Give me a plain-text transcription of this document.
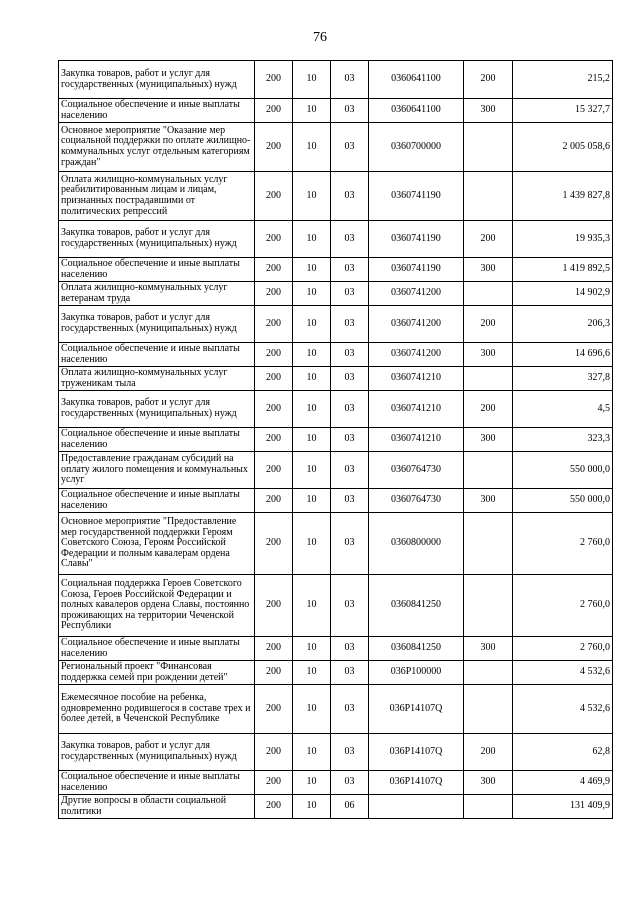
76
Закупка товаров, работ и услуг для государственных (муниципальных) нужд	200	10	03	0360641100	200	215,2
Социальное обеспечение и иные выплаты населению	200	10	03	0360641100	300	15 327,7
Основное мероприятие "Оказание мер социальной поддержки по оплате жилищно-коммунальных услуг отдельным категориям граждан"	200	10	03	0360700000		2 005 058,6
Оплата жилищно-коммунальных услуг реабилитированным лицам и лицам, признанных пострадавшими от политических репрессий	200	10	03	0360741190		1 439 827,8
Закупка товаров, работ и услуг для государственных (муниципальных) нужд	200	10	03	0360741190	200	19 935,3
Социальное обеспечение и иные выплаты населению	200	10	03	0360741190	300	1 419 892,5
Оплата жилищно-коммунальных услуг ветеранам труда	200	10	03	0360741200		14 902,9
Закупка товаров, работ и услуг для государственных (муниципальных) нужд	200	10	03	0360741200	200	206,3
Социальное обеспечение и иные выплаты населению	200	10	03	0360741200	300	14 696,6
Оплата жилищно-коммунальных услуг труженикам тыла	200	10	03	0360741210		327,8
Закупка товаров, работ и услуг для государственных (муниципальных) нужд	200	10	03	0360741210	200	4,5
Социальное обеспечение и иные выплаты населению	200	10	03	0360741210	300	323,3
Предоставление гражданам субсидий на оплату жилого помещения и коммунальных услуг	200	10	03	0360764730		550 000,0
Социальное обеспечение и иные выплаты населению	200	10	03	0360764730	300	550 000,0
Основное мероприятие "Предоставление мер государственной поддержки Героям Советского Союза, Героям Российской Федерации и полным кавалерам ордена Славы"	200	10	03	0360800000		2 760,0
Социальная поддержка Героев Советского Союза, Героев Российской Федерации и полных кавалеров ордена Славы, постоянно проживающих на территории Чеченской Республики	200	10	03	0360841250		2 760,0
Социальное обеспечение и иные выплаты населению	200	10	03	0360841250	300	2 760,0
Региональный проект "Финансовая поддержка семей при рождении детей"	200	10	03	036P100000		4 532,6
Ежемесячное пособие на ребенка, одновременно родившегося в составе трех и более детей, в Чеченской Республике	200	10	03	036P14107Q		4 532,6
Закупка товаров, работ и услуг для государственных (муниципальных) нужд	200	10	03	036P14107Q	200	62,8
Социальное обеспечение и иные выплаты населению	200	10	03	036P14107Q	300	4 469,9
Другие вопросы в области социальной политики	200	10	06			131 409,9
